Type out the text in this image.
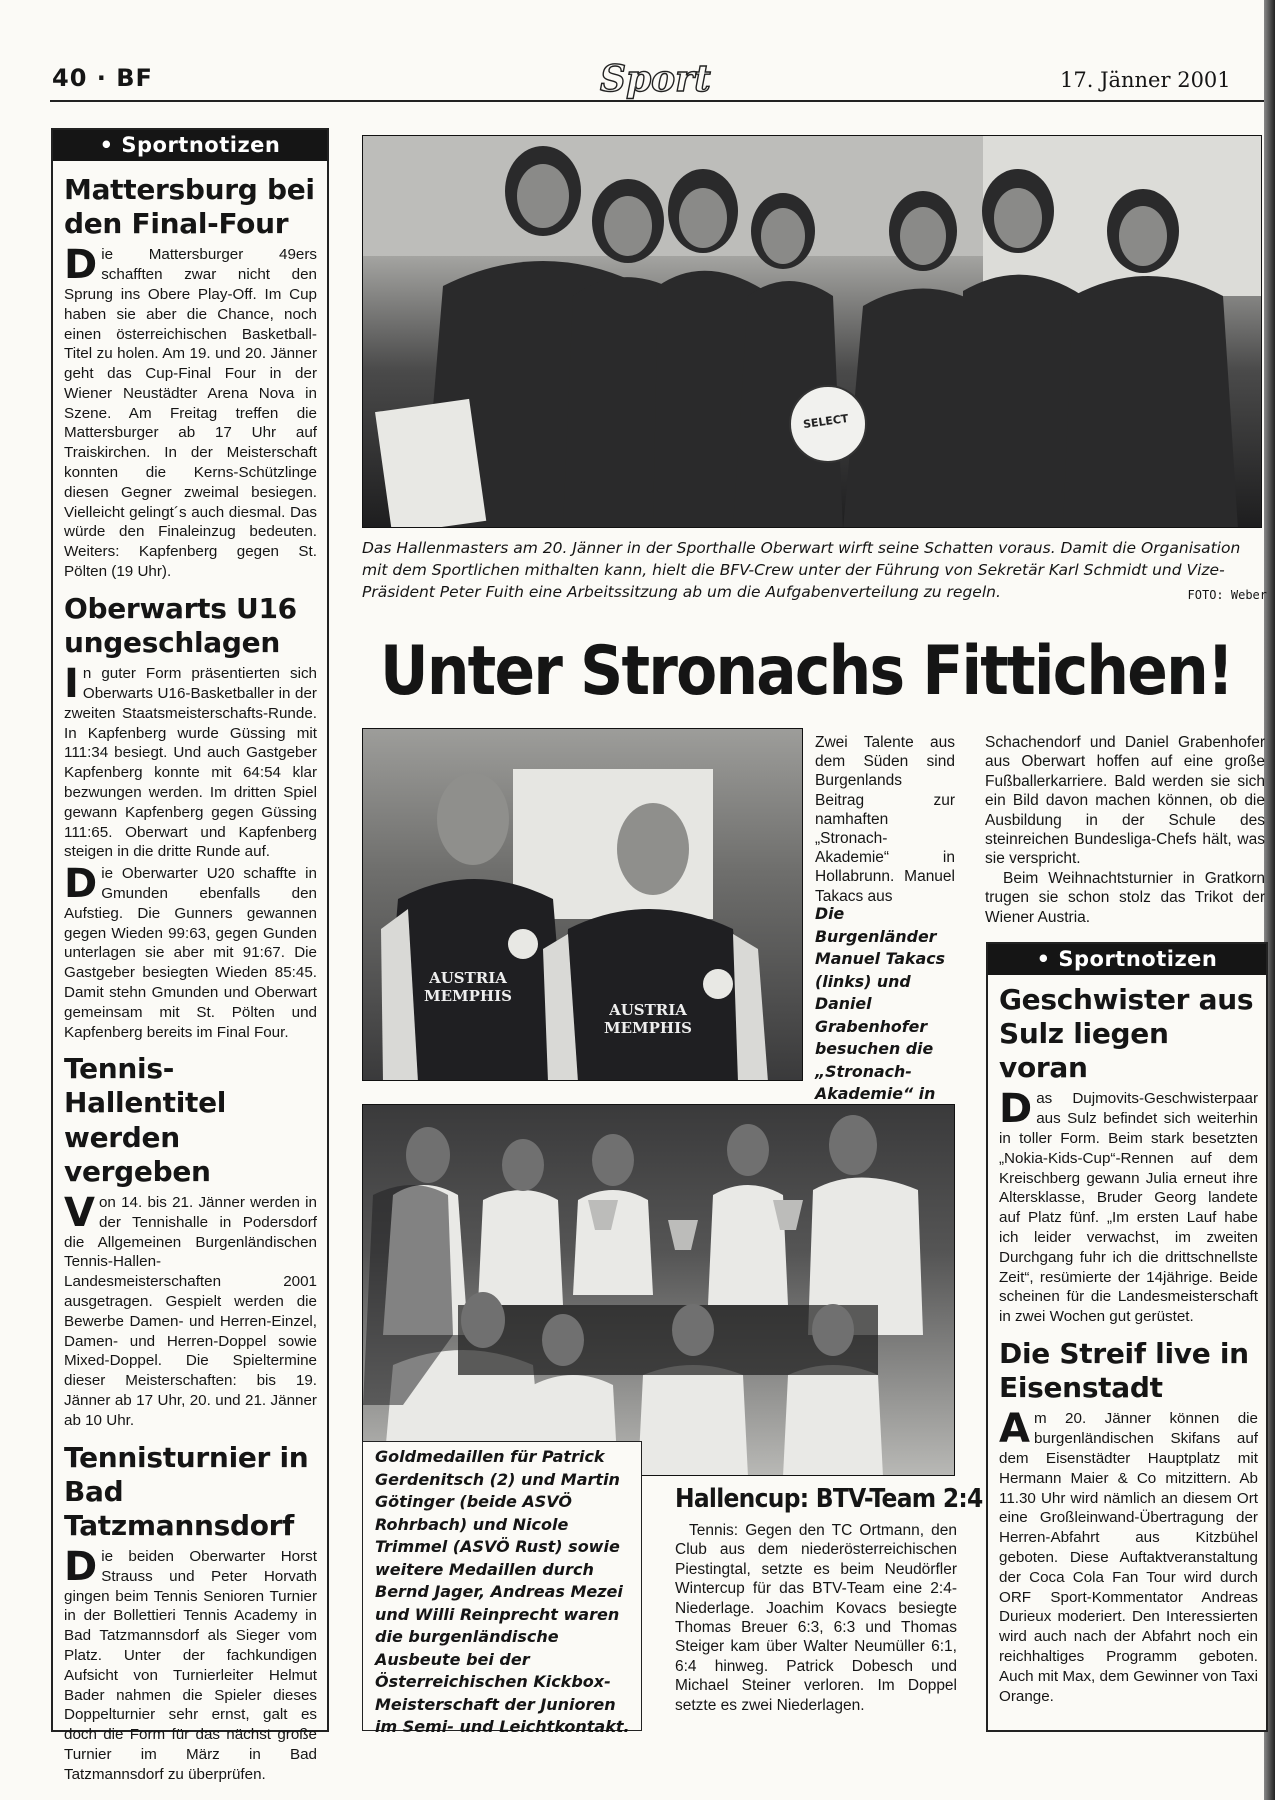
40 · BF	Sport	17. Jänner 2001
• Sportnotizen
Mattersburg bei den Final-Four

Die Mattersburger 49ers schafften zwar nicht den Sprung ins Obere Play-Off. Im Cup haben sie aber die Chance, noch einen österreichischen Basketball-Titel zu holen. Am 19. und 20. Jänner geht das Cup-Final Four in der Wiener Neustädter Arena Nova in Szene. Am Freitag treffen die Mattersburger ab 17 Uhr auf Traiskirchen. In der Meisterschaft konnten die Kerns-Schützlinge diesen Gegner zweimal besiegen. Vielleicht gelingt´s auch diesmal. Das würde den Finaleinzug bedeuten. Weiters: Kapfenberg gegen St. Pölten (19 Uhr).

Oberwarts U16 ungeschlagen

In guter Form präsentierten sich Oberwarts U16-Basketballer in der zweiten Staatsmeisterschafts-Runde. In Kapfenberg wurde Güssing mit 111:34 besiegt. Und auch Gastgeber Kapfenberg konnte mit 64:54 klar bezwungen werden. Im dritten Spiel gewann Kapfenberg gegen Güssing 111:65. Oberwart und Kapfenberg steigen in die dritte Runde auf.

Die Oberwarter U20 schaffte in Gmunden ebenfalls den Aufstieg. Die Gunners gewannen gegen Wieden 99:63, gegen Gunden unterlagen sie aber mit 91:67. Die Gastgeber besiegten Wieden 85:45. Damit stehn Gmunden und Oberwart gemeinsam mit St. Pölten und Kapfenberg bereits im Final Four.

Tennis-Hallentitel werden vergeben

Von 14. bis 21. Jänner werden in der Tennishalle in Podersdorf die Allgemeinen Burgenländischen Tennis-Hallen-Landesmeisterschaften 2001 ausgetragen. Gespielt werden die Bewerbe Damen- und Herren-Einzel, Damen- und Herren-Doppel sowie Mixed-Doppel. Die Spieltermine dieser Meisterschaften: bis 19. Jänner ab 17 Uhr, 20. und 21. Jänner ab 10 Uhr.

Tennisturnier in Bad Tatzmannsdorf

Die beiden Oberwarter Horst Strauss und Peter Horvath gingen beim Tennis Senioren Turnier in der Bollettieri Tennis Academy in Bad Tatzmannsdorf als Sieger vom Platz. Unter der fachkundigen Aufsicht von Turnierleiter Helmut Bader nahmen die Spieler dieses Doppelturnier sehr ernst, galt es doch die Form für das nächst große Turnier im März in Bad Tatzmannsdorf zu überprüfen.

SELECT
Das Hallenmasters am 20. Jänner in der Sporthalle Oberwart wirft seine Schatten voraus. Damit die Organisation mit dem Sportlichen mithalten kann, hielt die BFV-Crew unter der Führung von Sekretär Karl Schmidt und Vize-Präsident Peter Fuith eine Arbeitssitzung ab um die Aufgabenverteilung zu regeln.	FOTO: Weber
Unter Stronachs Fittichen!
AUSTRIA MEMPHIS
AUSTRIA MEMPHIS

Zwei Talente aus dem Süden sind Burgenlands Beitrag zur namhaften „Stronach-Akademie“ in Hollabrunn. Manuel Takacs aus

Die Burgenländer Manuel Takacs (links) und Daniel Grabenhofer besuchen die „Stronach-Akademie“ in

Schachendorf und Daniel Grabenhofer aus Oberwart hoffen auf eine große Fußballerkarriere. Bald werden sie sich ein Bild davon machen können, ob die Ausbildung in der Schule des steinreichen Bundesliga-Chefs hält, was sie verspricht.

Beim Weihnachtsturnier in Gratkorn trugen sie schon stolz das Trikot der Wiener Austria.

• Sportnotizen
Geschwister aus Sulz liegen voran

Das Dujmovits-Geschwisterpaar aus Sulz befindet sich weiterhin in toller Form. Beim stark besetzten „Nokia-Kids-Cup“-Rennen auf dem Kreischberg gewann Julia erneut ihre Altersklasse, Bruder Georg landete auf Platz fünf. „Im ersten Lauf habe ich leider verwachst, im zweiten Durchgang fuhr ich die drittschnellste Zeit“, resümierte der 14jährige. Beide scheinen für die Landesmeisterschaft in zwei Wochen gut gerüstet.

Die Streif live in Eisenstadt

Am 20. Jänner können die burgenländischen Skifans auf dem Eisenstädter Hauptplatz mit Hermann Maier & Co mitzittern. Ab 11.30 Uhr wird nämlich an diesem Ort eine Großleinwand-Übertragung der Herren-Abfahrt aus Kitzbühel geboten. Diese Auftaktveranstaltung der Coca Cola Fan Tour wird durch ORF Sport-Kommentator Andreas Durieux moderiert. Den Interessierten wird auch nach der Abfahrt noch ein reichhaltiges Programm geboten. Auch mit Max, dem Gewinner von Taxi Orange.

Goldmedaillen für Patrick Gerdenitsch (2) und Martin Götinger (beide ASVÖ Rohrbach) und Nicole Trimmel (ASVÖ Rust) sowie weitere Medaillen durch Bernd Jager, Andreas Mezei und Willi Reinprecht waren die burgenländische Ausbeute bei der Österreichischen Kickbox-Meisterschaft der Junioren im Semi- und Leichtkontakt.
Hallencup: BTV-Team 2:4

Tennis: Gegen den TC Ortmann, den Club aus dem niederösterreichischen Piestingtal, setzte es beim Neudörfler Wintercup für das BTV-Team eine 2:4-Niederlage. Joachim Kovacs besiegte Thomas Breuer 6:3, 6:3 und Thomas Steiger kam über Walter Neumüller 6:1, 6:4 hinweg. Patrick Dobesch und Michael Steiner verloren. Im Doppel setzte es zwei Niederlagen.
